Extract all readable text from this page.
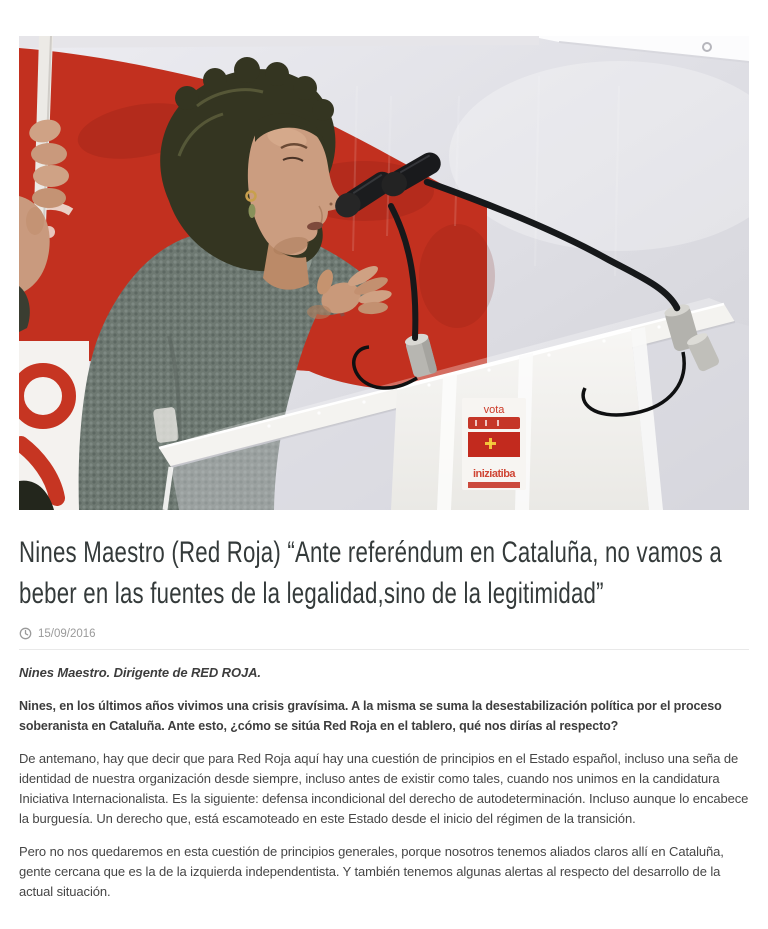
vota
iniziatiba
Nines Maestro (Red Roja) “Ante referéndum en Cataluña, no vamos a
beber en las fuentes de la legalidad,sino de la legitimidad”
15/09/2016

Nines Maestro. Dirigente de RED ROJA.

Nines, en los últimos años vivimos una crisis gravísima. A la misma se suma la desestabilización política por el proceso soberanista en Cataluña. Ante esto, ¿cómo se sitúa Red Roja en el tablero, qué nos dirías al respecto?

De antemano, hay que decir que para Red Roja aquí hay una cuestión de principios en el Estado español, incluso una seña de identidad de nuestra organización desde siempre, incluso antes de existir como tales, cuando nos unimos en la candidatura Iniciativa Internacionalista. Es la siguiente: defensa incondicional del derecho de autodeterminación. Incluso aunque lo encabece la burguesía. Un derecho que, está escamoteado en este Estado desde el inicio del régimen de la transición.

Pero no nos quedaremos en esta cuestión de principios generales, porque nosotros tenemos aliados claros allí en Cataluña, gente cercana que es la de la izquierda independentista. Y también tenemos algunas alertas al respecto del desarrollo de la actual situación.
